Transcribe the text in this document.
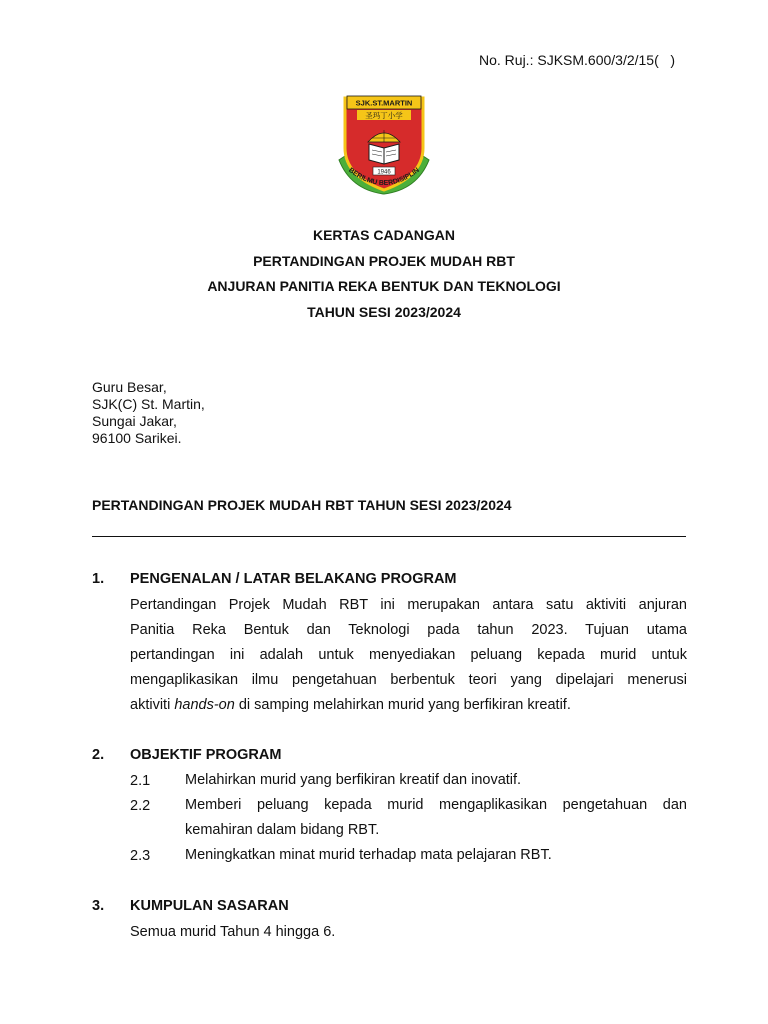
No. Ruj.: SJKSM.600/3/2/15(   )
SJK.ST.MARTIN
圣玛丁小学
1946
BERILMU BERDISIPLIN
KERTAS CADANGAN
PERTANDINGAN PROJEK MUDAH RBT
ANJURAN PANITIA REKA BENTUK DAN TEKNOLOGI
TAHUN SESI 2023/2024
Guru Besar,
SJK(C) St. Martin,
Sungai Jakar,
96100 Sarikei.
PERTANDINGAN PROJEK MUDAH RBT TAHUN SESI 2023/2024
1. PENGENALAN / LATAR BELAKANG PROGRAM
Pertandingan Projek Mudah RBT ini merupakan antara satu aktiviti anjuran
Panitia Reka Bentuk dan Teknologi pada tahun 2023. Tujuan utama
pertandingan ini adalah untuk menyediakan peluang kepada murid untuk
mengaplikasikan ilmu pengetahuan berbentuk teori yang dipelajari menerusi
aktiviti hands-on di samping melahirkan murid yang berfikiran kreatif.
2. OBJEKTIF PROGRAM
2.1 Melahirkan murid yang berfikiran kreatif dan inovatif.
2.2 Memberi peluang kepada murid mengaplikasikan pengetahuan dan
kemahiran dalam bidang RBT.
2.3 Meningkatkan minat murid terhadap mata pelajaran RBT.
3. KUMPULAN SASARAN
Semua murid Tahun 4 hingga 6.
